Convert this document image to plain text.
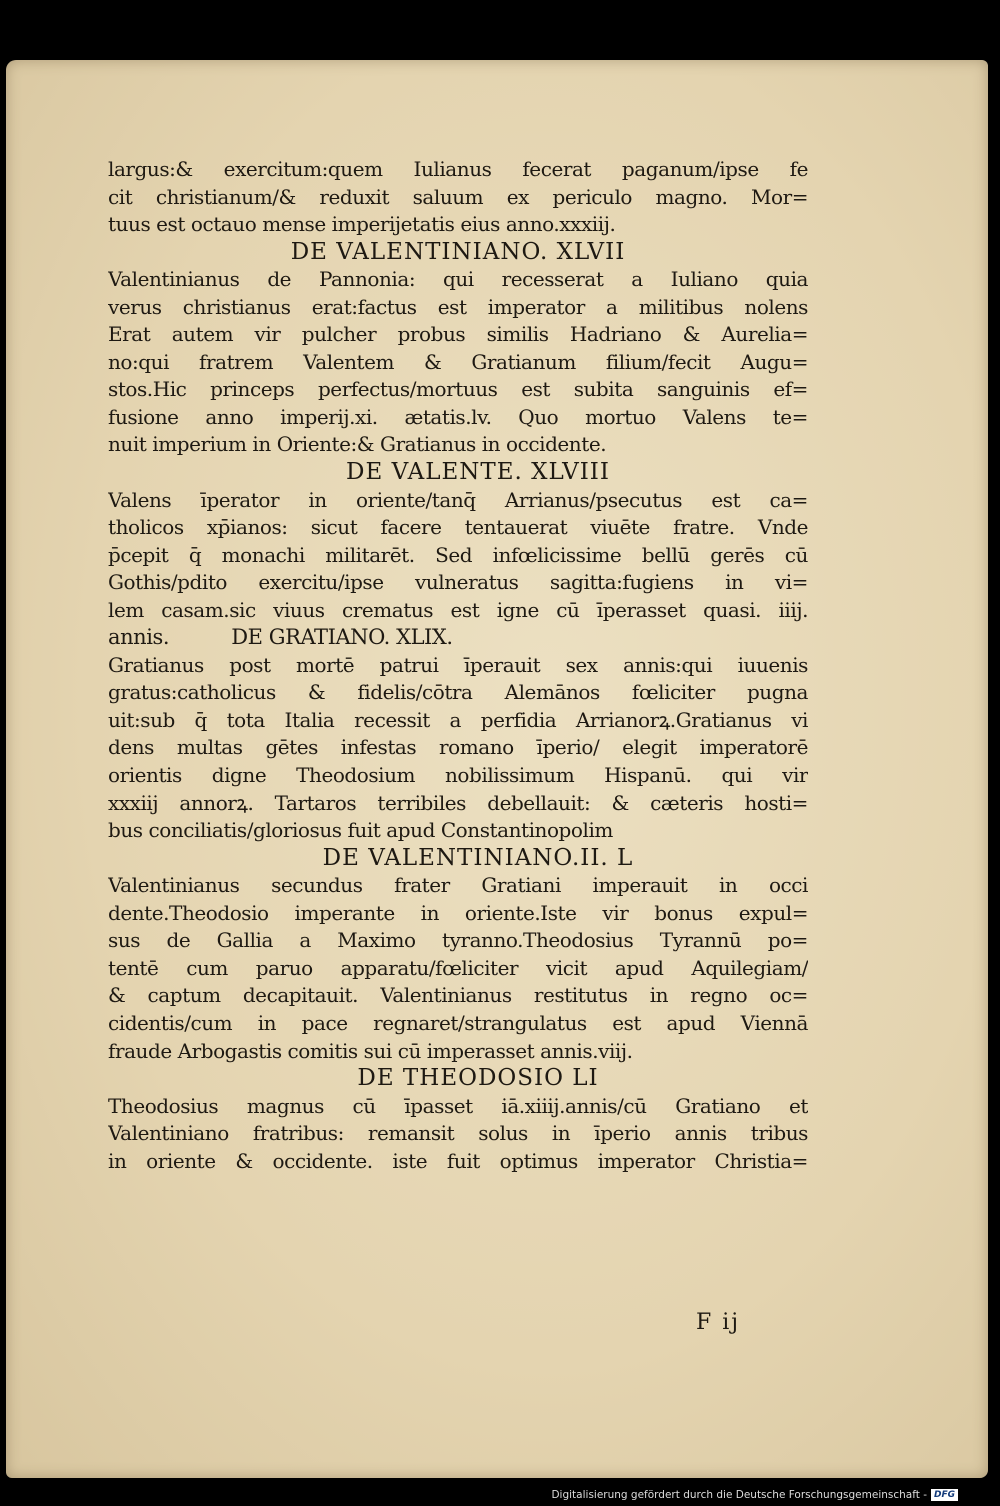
largus:& exercitum:quem Iulianus fecerat paganum/ipse fe
cit christianum/& reduxit saluum ex periculo magno. Mor=
tuus est octauo mense imperijetatis eius anno.xxxiij.
DE VALENTINIANO. XLVII
Valentinianus de Pannonia: qui recesserat a Iuliano quia
verus christianus erat:factus est imperator a militibus nolens
Erat autem vir pulcher probus similis Hadriano & Aurelia=
no:qui fratrem Valentem & Gratianum filium/fecit Augu=
stos.Hic princeps perfectus/mortuus est subita sanguinis ef=
fusione anno imperij.xi. ætatis.lv. Quo mortuo Valens te=
nuit imperium in Oriente:& Gratianus in occidente.
DE VALENTE. XLVIII
Valens īperator in oriente/tanq̄ Arrianus/psecutus est ca=
tholicos xp̄ianos: sicut facere tentauerat viuēte fratre. Vnde
p̄cepit q̄ monachi militarēt. Sed infœlicissime bellū gerēs cū
Gothis/pdito exercitu/ipse vulneratus sagitta:fugiens in vi=
lem casam.sic viuus crematus est igne cū īperasset quasi. iiij.
annis.          DE GRATIANO. XLIX.
Gratianus post mortē patrui īperauit sex annis:qui iuuenis
gratus:catholicus & fidelis/cōtra Alemānos fœliciter pugna
uit:sub q̄ tota Italia recessit a perfidia Arrianorꝝ.Gratianus vi
dens multas gētes infestas romano īperio/ elegit imperatorē
orientis digne Theodosium nobilissimum Hispanū. qui vir
xxxiij annorꝝ. Tartaros terribiles debellauit: & cæteris hosti=
bus conciliatis/gloriosus fuit apud Constantinopolim
DE VALENTINIANO.II. L
Valentinianus secundus frater Gratiani imperauit in occi
dente.Theodosio imperante in oriente.Iste vir bonus expul=
sus de Gallia a Maximo tyranno.Theodosius Tyrannū po=
tentē cum paruo apparatu/fœliciter vicit apud Aquilegiam/
& captum decapitauit. Valentinianus restitutus in regno oc=
cidentis/cum in pace regnaret/strangulatus est apud Viennā
fraude Arbogastis comitis sui cū imperasset annis.viij.
DE THEODOSIO LI
Theodosius magnus cū īpasset iā.xiiij.annis/cū Gratiano et
Valentiniano fratribus: remansit solus in īperio annis tribus
in oriente & occidente. iste fuit optimus imperator Christia=
F ij
Digitalisierung gefördert durch die Deutsche Forschungsgemeinschaft - DFG
